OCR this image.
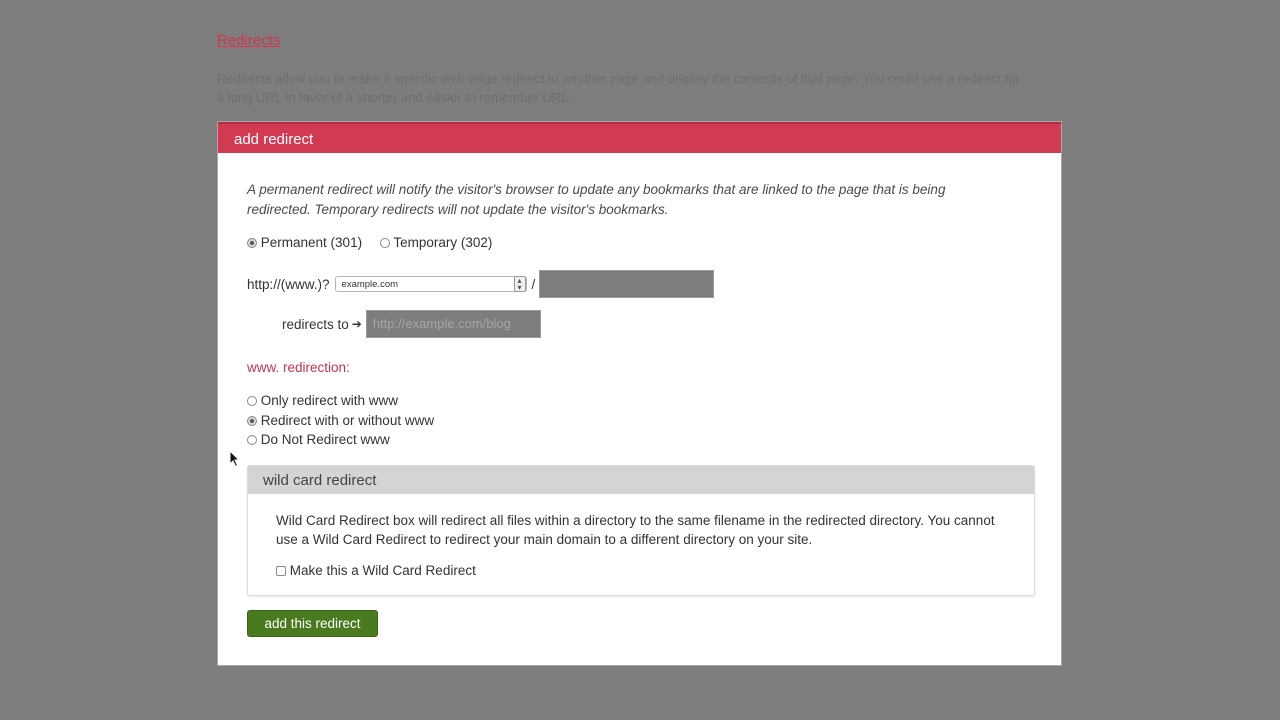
Redirects
Redirects allow you to make a specific web page redirect to another page and display the contents of that page. You could use a redirect for a long URL in favor of a shorter and easier to remember URL.
add redirect
A permanent redirect will notify the visitor's browser to update any bookmarks that are linked to the page that is being redirected. Temporary redirects will not update the visitor's bookmarks.
Permanent (301) Temporary (302)
http://(www.)?	example.com	▴
▾ /
redirects to ➔ http://example.com/blog
www. redirection:
Only redirect with www
Redirect with or without www
Do Not Redirect www
wild card redirect
Wild Card Redirect box will redirect all files within a directory to the same filename in the redirected directory. You cannot use a Wild Card Redirect to redirect your main domain to a different directory on your site.
Make this a Wild Card Redirect
add this redirect
